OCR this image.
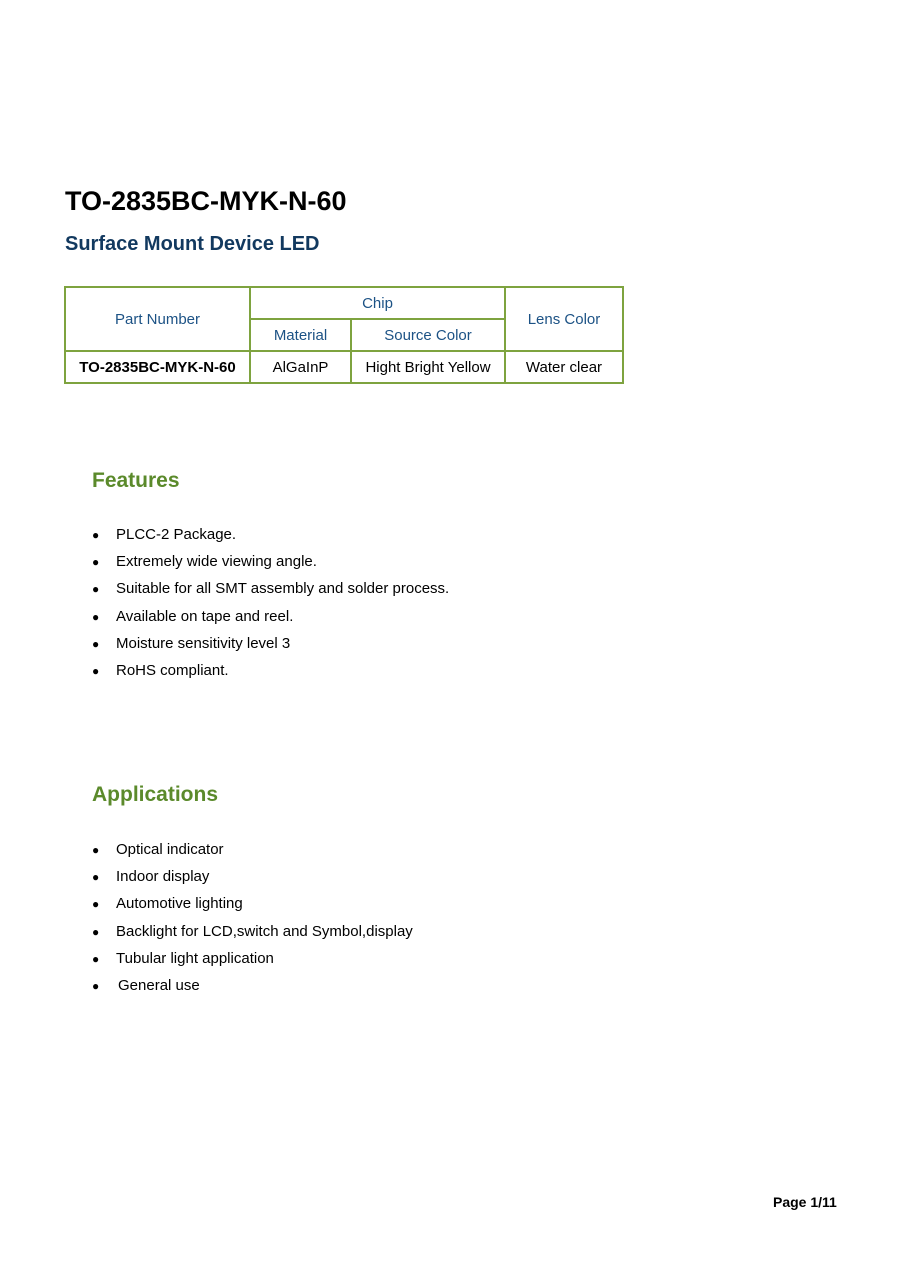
TO-2835BC-MYK-N-60
Surface Mount Device LED
Part Number	Chip		Lens Color
	Material	Source Color	
TO-2835BC-MYK-N-60	AlGaInP	Hight Bright Yellow	Water clear
Features
●	PLCC-2 Package.
●	Extremely wide viewing angle.
●	Suitable for all SMT assembly and solder process.
●	Available on tape and reel.
●	Moisture sensitivity level 3
●	RoHS compliant.
Applications
●	Optical indicator
●	Indoor display
●	Automotive lighting
●	Backlight for LCD,switch and Symbol,display
●	Tubular light application
●	General use
Page 1/11
